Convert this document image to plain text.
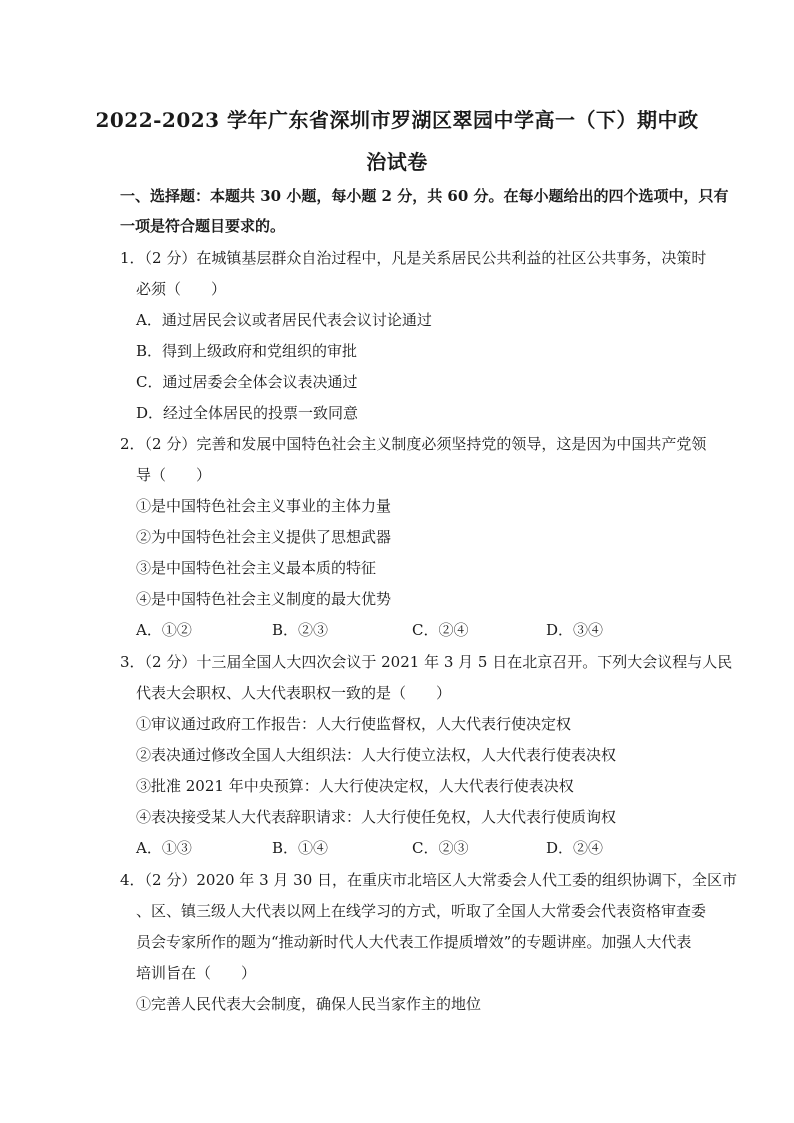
2022-2023 学年广东省深圳市罗湖区翠园中学高一（下）期中政
治试卷
一、选择题：本题共 30 小题，每小题 2 分，共 60 分。在每小题给出的四个选项中，只有
一项是符合题目要求的。
1．（2 分）在城镇基层群众自治过程中，凡是关系居民公共利益的社区公共事务，决策时
必须（　　）
A．通过居民会议或者居民代表会议讨论通过
B．得到上级政府和党组织的审批
C．通过居委会全体会议表决通过
D．经过全体居民的投票一致同意
2．（2 分）完善和发展中国特色社会主义制度必须坚持党的领导，这是因为中国共产党领
导（　　）
①是中国特色社会主义事业的主体力量
②为中国特色社会主义提供了思想武器
③是中国特色社会主义最本质的特征
④是中国特色社会主义制度的最大优势
A．①②	B．②③	C．②④	D．③④
3．（2 分）十三届全国人大四次会议于 2021 年 3 月 5 日在北京召开。下列大会议程与人民
代表大会职权、人大代表职权一致的是（　　）
①审议通过政府工作报告：人大行使监督权，人大代表行使决定权
②表决通过修改全国人大组织法：人大行使立法权，人大代表行使表决权
③批准 2021 年中央预算：人大行使决定权，人大代表行使表决权
④表决接受某人大代表辞职请求：人大行使任免权，人大代表行使质询权
A．①③	B．①④	C．②③	D．②④
4．（2 分）2020 年 3 月 30 日，在重庆市北培区人大常委会人代工委的组织协调下，全区市
、区、镇三级人大代表以网上在线学习的方式，听取了全国人大常委会代表资格审查委
员会专家所作的题为“推动新时代人大代表工作提质增效”的专题讲座。加强人大代表
培训旨在（　　）
①完善人民代表大会制度，确保人民当家作主的地位
